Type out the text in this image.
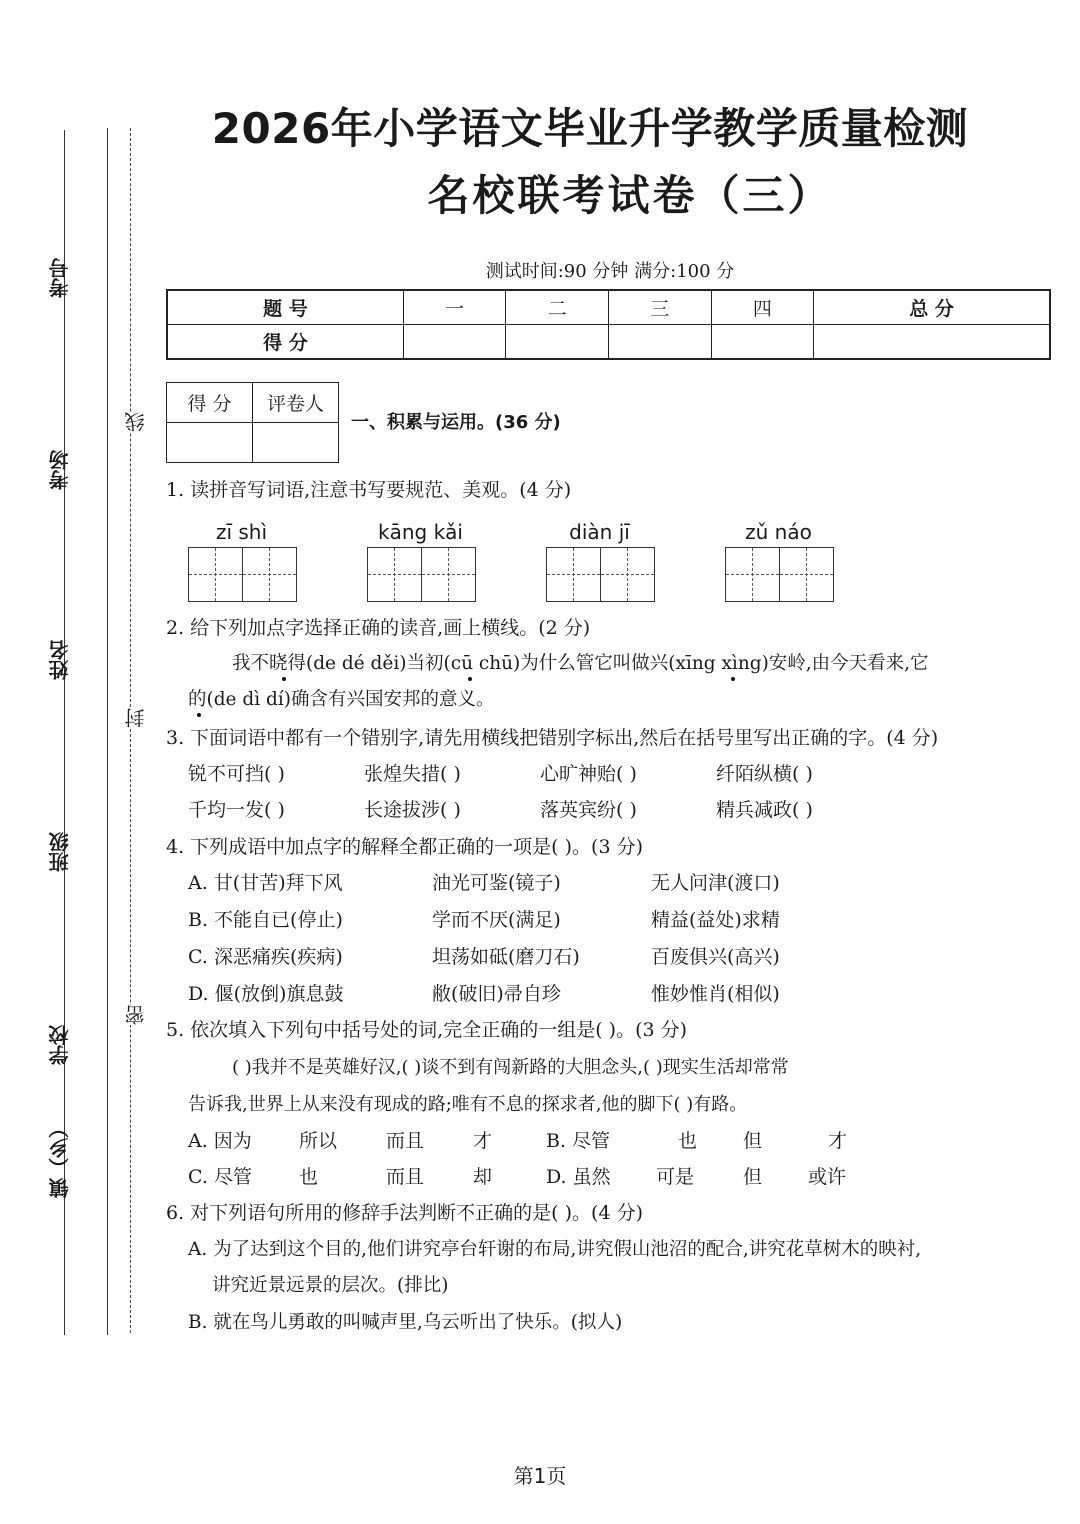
考号
考场
姓名
班级
学校
镇（乡）
线
封
密
2026年小学语文毕业升学教学质量检测
名校联考试卷（三）
测试时间:90 分钟 满分:100 分
题 号	一	二	三	四	总 分
得 分					
得 分	评卷人

一、积累与运用。(36 分)
1. 读拼音写词语,注意书写要规范、美观。(4 分)
zī shì	kāng kǎi	diàn jī	zǔ náo
2. 给下列加点字选择正确的读音,画上横线。(2 分)
我不晓得(de dé děi)当初(cū chū)为什么管它叫做兴(xīng xìng)安岭,由今天看来,它
的(de dì dí)确含有兴国安邦的意义。
3. 下面词语中都有一个错别字,请先用横线把错别字标出,然后在括号里写出正确的字。(4 分)
锐不可挡( )	张煌失措( )	心旷神贻( )	纤陌纵横( )
千均一发( )	长途拔涉( )	落英宾纷( )	精兵减政( )
4. 下列成语中加点字的解释全都正确的一项是( )。(3 分)
A. 甘(甘苦)拜下风	油光可鉴(镜子)	无人问津(渡口)
B. 不能自已(停止)	学而不厌(满足)	精益(益处)求精
C. 深恶痛疾(疾病)	坦荡如砥(磨刀石)	百废俱兴(高兴)
D. 偃(放倒)旗息鼓	敝(破旧)帚自珍	惟妙惟肖(相似)
5. 依次填入下列句中括号处的词,完全正确的一组是( )。(3 分)
( )我并不是英雄好汉,( )谈不到有闯新路的大胆念头,( )现实生活却常常
告诉我,世界上从来没有现成的路;唯有不息的探求者,他的脚下( )有路。
A. 因为 所以	而且	才	B. 尽管	也 但	才
C. 尽管 也	而且	却	D. 虽然 可是	但 或许
6. 对下列语句所用的修辞手法判断不正确的是( )。(4 分)
A. 为了达到这个目的,他们讲究亭台轩谢的布局,讲究假山池沼的配合,讲究花草树木的映衬,
讲究近景远景的层次。(排比)
B. 就在鸟儿勇敢的叫喊声里,乌云听出了快乐。(拟人)
第1页
